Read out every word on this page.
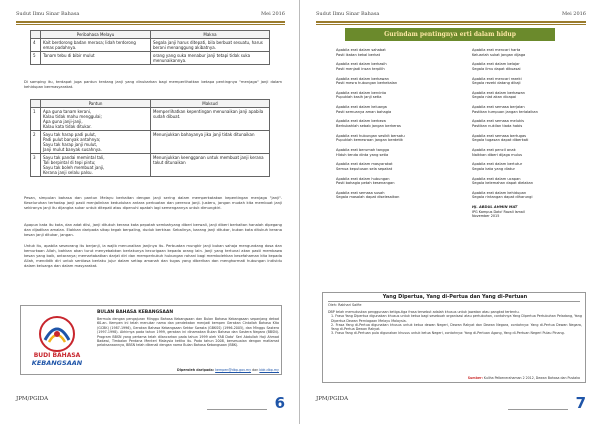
Sudut Ilmu Sinar Bahasa	Mei 2016
	Peribahasa Melayu	Makna
4	Kait berdorong badan merasa; lidah terdorong emas padahnya.	Segala janji harus ditepati, bila berbuat sesuatu, harus berani menanggung akibatnya.
5	Tanam tebu di bibir mulut	orang yang suka menabur janji tetapi tidak suka menunaikannya.

Di samping itu, terdapat juga pantun tentang janji yang dinukarkan bagi memperlihatkan betapa pentingnya "menjaga" janji dalam kehidupan bermasyarakat.

	Pantun	Maksud
1	Apa guna tanam kerani,
Kalau tidak mahu menggulai;
Apa guna janji-janji,
Kalau kata tidak ditukar.	Memperlihatkan kepentingan menunaikan janji apabila sudah dibuat.
2	Sayu tak harap padi pulut,
Padi pulut banyak antahnya;
Sayu tak harap janji mulut,
Janji mulut banyak susahnya.	Menunjukkan bahayanya jika janji tidak ditunaikan
3	Sayu tak pandai memintal tali,
Tali berpintal di tepi pintu;
Sayu tak boleh membuat janji,
Kerana janji selalu palsu.	Menunjukkan keengganan untuk membuat janji kerana takut ditunaikan

Pesan, simpulan bahasa dan pantun Melayu berkaitan dengan janji sering dalam memperkatakan kepentingan menjaga "janji". Keseluruhan terhadap janji pasti menjalinkan kedudukan antara perbuatan dan perenca janji. Justeru, jangan mudah kita membuat janji sekiranya janji itu dijangka sukar untuk ditepati atau dipenuhi apatah lagi semengannya untuk dimungkiri.

Apapun kata itu kota, dan adat diisi, janji ditukuh kerana kata pepatah sembahyang diberi berwali, janji diberi berkaitan hanalah dipegang dan dijadikan amalan. Elakkan daripada sikap tegak berpaling, duduk berkisar. Sebalinya, barang janji ditukar, bukan kata ditukuh kerana kesan janji ditukar, jangan.

Untuk itu, apabila seseorang itu berjanji, ia wajib menunaikan janjinya itu. Perbuatan mungkir janji bukan sahaja mengundang dosa dan kemurkaan Allah, bahkan akan turut menyebabkan berlakunya kecurigaan kepada orang lain. Janji yang tertunai akan pasti membawa kesan yang baik, antaranya; memartabatkan darjat diri dan memperkukuh hubungan rohani bagi membolehkan kesefahaman kita kepada Allah, mendidik diri untuk sentiasa berlaku jujur dalam setiap amanah dan tugas yang diberikan dan menghormati hubungan individu dalam keluarga dan dalam masyarakat.

BUDI BAHASA
KEBANGSAAN
BULAN BAHASA KEBANGSAAN
Bermula dengan pengajuran Minggu Bahasa Kebangsaan dan Bulan Bahasa Kebangsaan sepanjang dekad 60-an. Kempen ini telah menukar nama dan pendekatan menjadi kempen Gerakan Cintailah Bahasa Kita (GCBK) (1987-1996), Gerakan Bahasa Kebangsaan Sektor Swasta (GBKSS) (1996-2005), dan Minggu Sastera (1997-1998). Akhirnya pada tahun 1999, gerakan ini dinamakan Bulan Bahasa dan Sastera Negara (BBSN). Program BBSN yang pertama telah dilancarkan pada tahun 1999 oleh YAB Dato' Seri Abdullah Haji Ahmad Badawi, Timbalan Perdana Menteri Malaysia ketika itu. Pada tahun 2008, bersesuaian dengan matlamat pelaksanaannya, BBSN telah dikenali dengan nama Bulan Bahasa Kebangsaan (BBK).
Diperoleh daripada: kempen@dbp.gov.my dan bbk.dbp.my
JPM/PGIDA	6
Sudut Ilmu Sinar Bahasa	Mei 2016
Gurindam pentingnya erti dalam hidup
Apabila erat dalam sahabat
Pasti ikatan kekal berkat
Apabila erat dalam berkasih
Pasti menjadi insan terpilih
Apabila erat dalam berkawan
Pasti mesra hubungan berkekalan
Apabila erat dalam bercinta
Pupuklah kasih janji setia
Apabila erat dalam keluarga
Pasti semuanya aman bahagia
Apabila erat dalam berbeza
Berkubahlah sebab jangan berkeras
Apabila erat hubungan sesikit bersatu
Pupuklah kemesraan jangan berdetik
Apabila erat berumah tangga
Hiduh tenda dinta yang setia
Apabila erat dalam masyarakat
Semua keputusan sela sepakat
Apabila erat dalam hubungan
Pasti bahagia petah kesenangan
Apabila erat semasa susah
Segala masalah dapat diselesaikan
Apabila erat mencari harta
Keluarlah sukat jangan dijaga
Apabila erat dalam belajar
Segala ilmu dapat dikuasai
Apabila erat mencari rezeki
Segala rezeki datang dikaji
Apabila erat dalam berkawan
Segala niat akan dicapai
Apabila erat semasa berjalan
Pastikan tumpuan jangan terlalaikan
Apabila erat semasa melukis
Pastikan nukilan tiada habis
Apabila erat semasa bertugas
Segala tugasan dapat diberkati
Apabila erat pencil anak
Naikkan diberi dijaga mulus
Apabila erat dalam bertutur
Segala kata yang diatur
Apabila erat dalam ucapan
Segala kelemahan dapat dielakan
Apabila erat dalam kehidupan
Segala rintangan dapat diharungi
HJ. ABDUL AHMIN MAT
IPG Kampus Dato' Razali Ismail
November 2015
Yang Dipertua, Yang di-Pertua dan Yang di-Pertuan
Oleh: Rakhari Saifie
DBP telah memutuskan penggunaan ketiga-tiga frasa tersebut adalah khusus untuk jawatan atau pangkat tertentu.
1. Frasa Yang Dipertua digunakan khusus untuk ketua bagi sesebuah organisasi atau pertubuhan, contohnya Yang Dipertua Pertubuhan Peladang, Yang Dipertua Dewan Perniagaan Melayu Malaysia.
2. Frasa Yang di-Pertua digunakan khusus untuk ketua dewan Negeri, Dewan Rakyat dan Dewan Negara, contohnya: Yang di-Pertua Dewan Negara, Yang di-Pertua Dewan Rakyat.
3. Frasa Yang di-Pertuan pula digunakan khusus untuk ketua Negeri, contohnya: Yang di-Pertuan Agong, Yang di-Pertuan Negeri Pulau Pinang.
Sumber: Kuliha Pelbenerahaman 2 2012, Dewan Bahasa dan Pustaka
JPM/PGIDA	7
